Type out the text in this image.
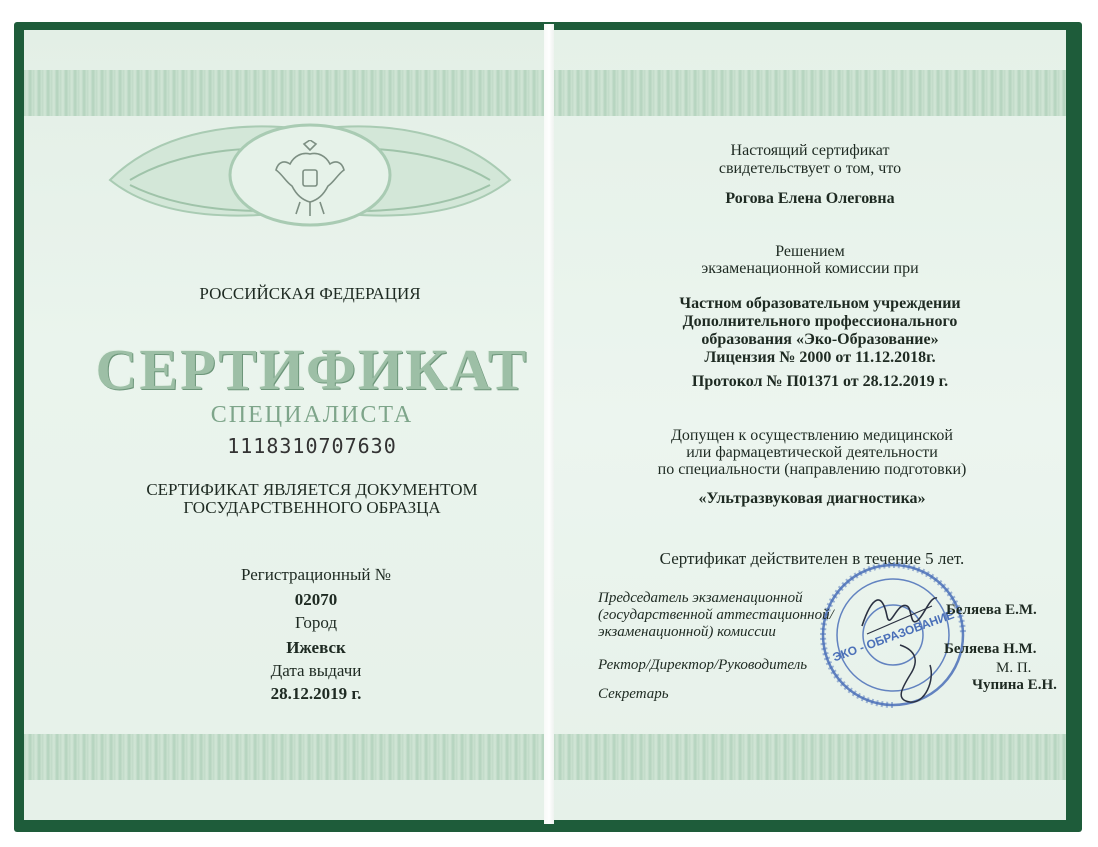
РОССИЙСКАЯ ФЕДЕРАЦИЯ
СЕРТИФИКАТ
СПЕЦИАЛИСТА
1118310707630
СЕРТИФИКАТ ЯВЛЯЕТСЯ ДОКУМЕНТОМ
ГОСУДАРСТВЕННОГО ОБРАЗЦА
Регистрационный №
02070
Город
Ижевск
Дата выдачи
28.12.2019 г.
Настоящий сертификат
свидетельствует о том, что
Рогова Елена Олеговна
Решением
экзаменационной комиссии при
Частном образовательном учреждении
Дополнительного профессионального
образования «Эко-Образование»
Лицензия № 2000 от 11.12.2018г.
Протокол № П01371 от 28.12.2019 г.
Допущен к осуществлению медицинской
или фармацевтической деятельности
по специальности (направлению подготовки)
«Ультразвуковая диагностика»
Сертификат действителен в течение 5 лет.
ЭКО - ОБРАЗОВАНИЕ
Председатель экзаменационной
(государственной аттестационной/
экзаменационной) комиссии
Беляева Е.М.
Ректор/Директор/Руководитель
Беляева Н.М.
М. П.
Секретарь
Чупина Е.Н.
